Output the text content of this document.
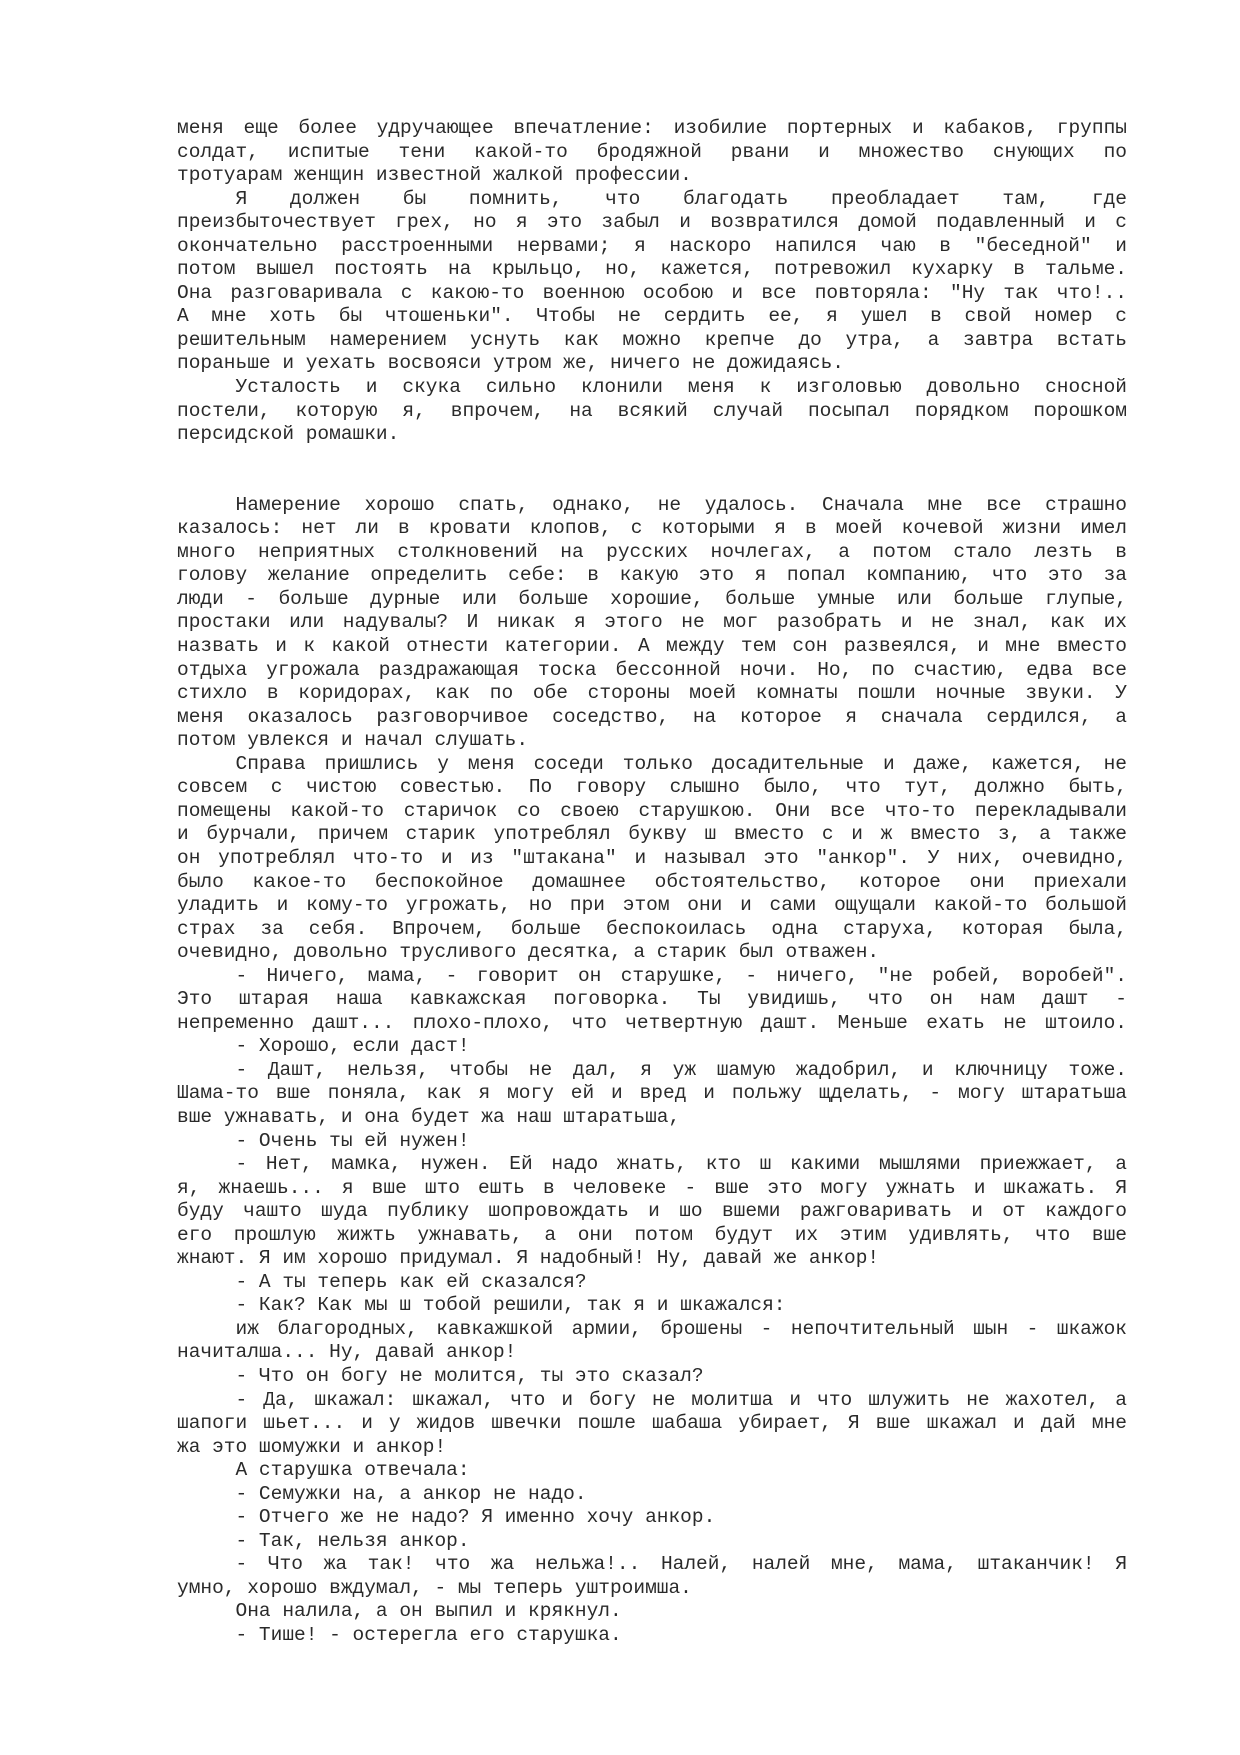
меня еще более удручающее впечатление: изобилие портерных и кабаков, группы
солдат, испитые тени какой-то бродяжной рвани и множество снующих по
тротуарам женщин известной жалкой профессии.
Я должен бы помнить, что благодать преобладает там, где
преизбыточествует грех, но я это забыл и возвратился домой подавленный и с
окончательно расстроенными нервами; я наскоро напился чаю в "беседной" и
потом вышел постоять на крыльцо, но, кажется, потревожил кухарку в тальме.
Она разговаривала с какою-то военною особою и все повторяла: "Ну так что!..
А мне хоть бы чтошеньки". Чтобы не сердить ее, я ушел в свой номер с
решительным намерением уснуть как можно крепче до утра, а завтра встать
пораньше и уехать восвояси утром же, ничего не дожидаясь.
Усталость и скука сильно клонили меня к изголовью довольно сносной
постели, которую я, впрочем, на всякий случай посыпал порядком порошком
персидской ромашки.
Намерение хорошо спать, однако, не удалось. Сначала мне все страшно
казалось: нет ли в кровати клопов, с которыми я в моей кочевой жизни имел
много неприятных столкновений на русских ночлегах, а потом стало лезть в
голову желание определить себе: в какую это я попал компанию, что это за
люди - больше дурные или больше хорошие, больше умные или больше глупые,
простаки или надувалы? И никак я этого не мог разобрать и не знал, как их
назвать и к какой отнести категории. А между тем сон развеялся, и мне вместо
отдыха угрожала раздражающая тоска бессонной ночи. Но, по счастию, едва все
стихло в коридорах, как по обе стороны моей комнаты пошли ночные звуки. У
меня оказалось разговорчивое соседство, на которое я сначала сердился, а
потом увлекся и начал слушать.
Справа пришлись у меня соседи только досадительные и даже, кажется, не
совсем с чистою совестью. По говору слышно было, что тут, должно быть,
помещены какой-то старичок со своею старушкою. Они все что-то перекладывали
и бурчали, причем старик употреблял букву ш вместо с и ж вместо з, а также
он употреблял что-то и из "штакана" и называл это "анкор". У них, очевидно,
было какое-то беспокойное домашнее обстоятельство, которое они приехали
уладить и кому-то угрожать, но при этом они и сами ощущали какой-то большой
страх за себя. Впрочем, больше беспокоилась одна старуха, которая была,
очевидно, довольно трусливого десятка, а старик был отважен.
- Ничего, мама, - говорит он старушке, - ничего, "не робей, воробей".
Это штарая наша кавкажская поговорка. Ты увидишь, что он нам дашт -
непременно дашт... плохо-плохо, что четвертную дашт. Меньше ехать не штоило.
- Хорошо, если даст!
- Дашт, нельзя, чтобы не дал, я уж шамую жадобрил, и ключницу тоже.
Шама-то вше поняла, как я могу ей и вред и польжу щделать, - могу штаратьша
вше ужнавать, и она будет жа наш штаратьша,
- Очень ты ей нужен!
- Нет, мамка, нужен. Ей надо жнать, кто ш какими мышлями приежжает, а
я, жнаешь... я вше што ешть в человеке - вше это могу ужнать и шкажать. Я
буду чашто шуда публику шопровождать и шо вшеми ражговаривать и от каждого
его прошлую жижть ужнавать, а они потом будут их этим удивлять, что вше
жнают. Я им хорошо придумал. Я надобный! Ну, давай же анкор!
- А ты теперь как ей сказался?
- Как? Как мы ш тобой решили, так я и шкажался:
иж благородных, кавкажшкой армии, брошены - непочтительный шын - шкажок
начиталша... Ну, давай анкор!
- Что он богу не молится, ты это сказал?
- Да, шкажал: шкажал, что и богу не молитша и что шлужить не жахотел, а
шапоги шьет... и у жидов швечки пошле шабаша убирает, Я вше шкажал и дай мне
жа это шомужки и анкор!
А старушка отвечала:
- Семужки на, а анкор не надо.
- Отчего же не надо? Я именно хочу анкор.
- Так, нельзя анкор.
- Что жа так! что жа нельжа!.. Налей, налей мне, мама, штаканчик! Я
умно, хорошо вждумал, - мы теперь уштроимша.
Она налила, а он выпил и крякнул.
- Тише! - остерегла его старушка.
